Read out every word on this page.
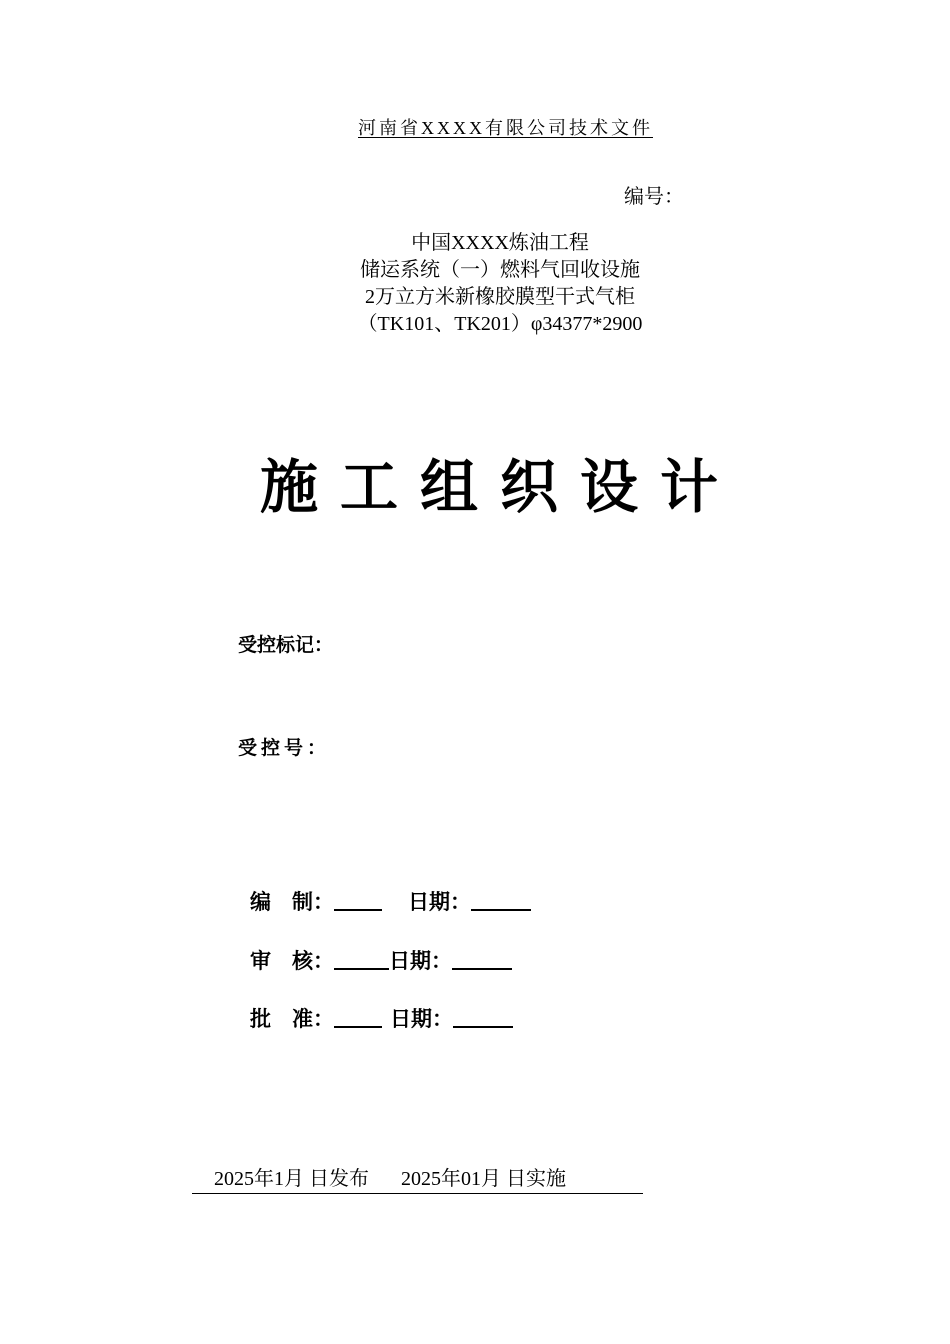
河南省XXXX有限公司技术文件
编号：
中国XXXX炼油工程
储运系统（一）燃料气回收设施
2万立方米新橡胶膜型干式气柜
（TK101、TK201）φ34377*2900
施工组织设计
受控标记：
受控号：
编　制：	日期：
审　核：	日期：
批　准：	日期：
2025年1月 日发布 2025年01月 日实施
